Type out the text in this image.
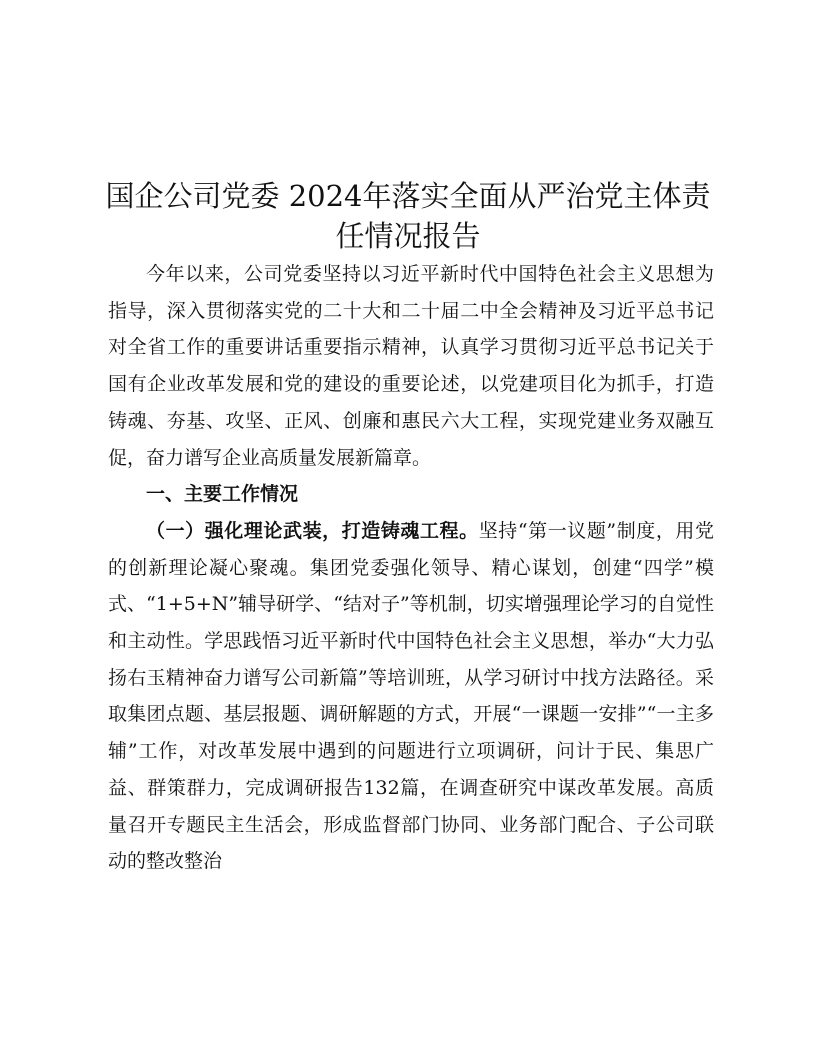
国企公司党委 2024年落实全面从严治党主体责任情况报告

今年以来，公司党委坚持以习近平新时代中国特色社会主义思想为指导，深入贯彻落实党的二十大和二十届二中全会精神及习近平总书记对全省工作的重要讲话重要指示精神，认真学习贯彻习近平总书记关于国有企业改革发展和党的建设的重要论述，以党建项目化为抓手，打造铸魂、夯基、攻坚、正风、创廉和惠民六大工程，实现党建业务双融互促，奋力谱写企业高质量发展新篇章。

一、主要工作情况

（一）强化理论武装，打造铸魂工程。坚持“第一议题”制度，用党的创新理论凝心聚魂。集团党委强化领导、精心谋划，创建“四学”模式、“1+5+N”辅导研学、“结对子”等机制，切实增强理论学习的自觉性和主动性。学思践悟习近平新时代中国特色社会主义思想，举办“大力弘扬右玉精神奋力谱写公司新篇”等培训班，从学习研讨中找方法路径。采取集团点题、基层报题、调研解题的方式，开展“一课题一安排”“一主多辅”工作，对改革发展中遇到的问题进行立项调研，问计于民、集思广益、群策群力，完成调研报告132篇，在调查研究中谋改革发展。高质量召开专题民主生活会，形成监督部门协同、业务部门配合、子公司联动的整改整治
